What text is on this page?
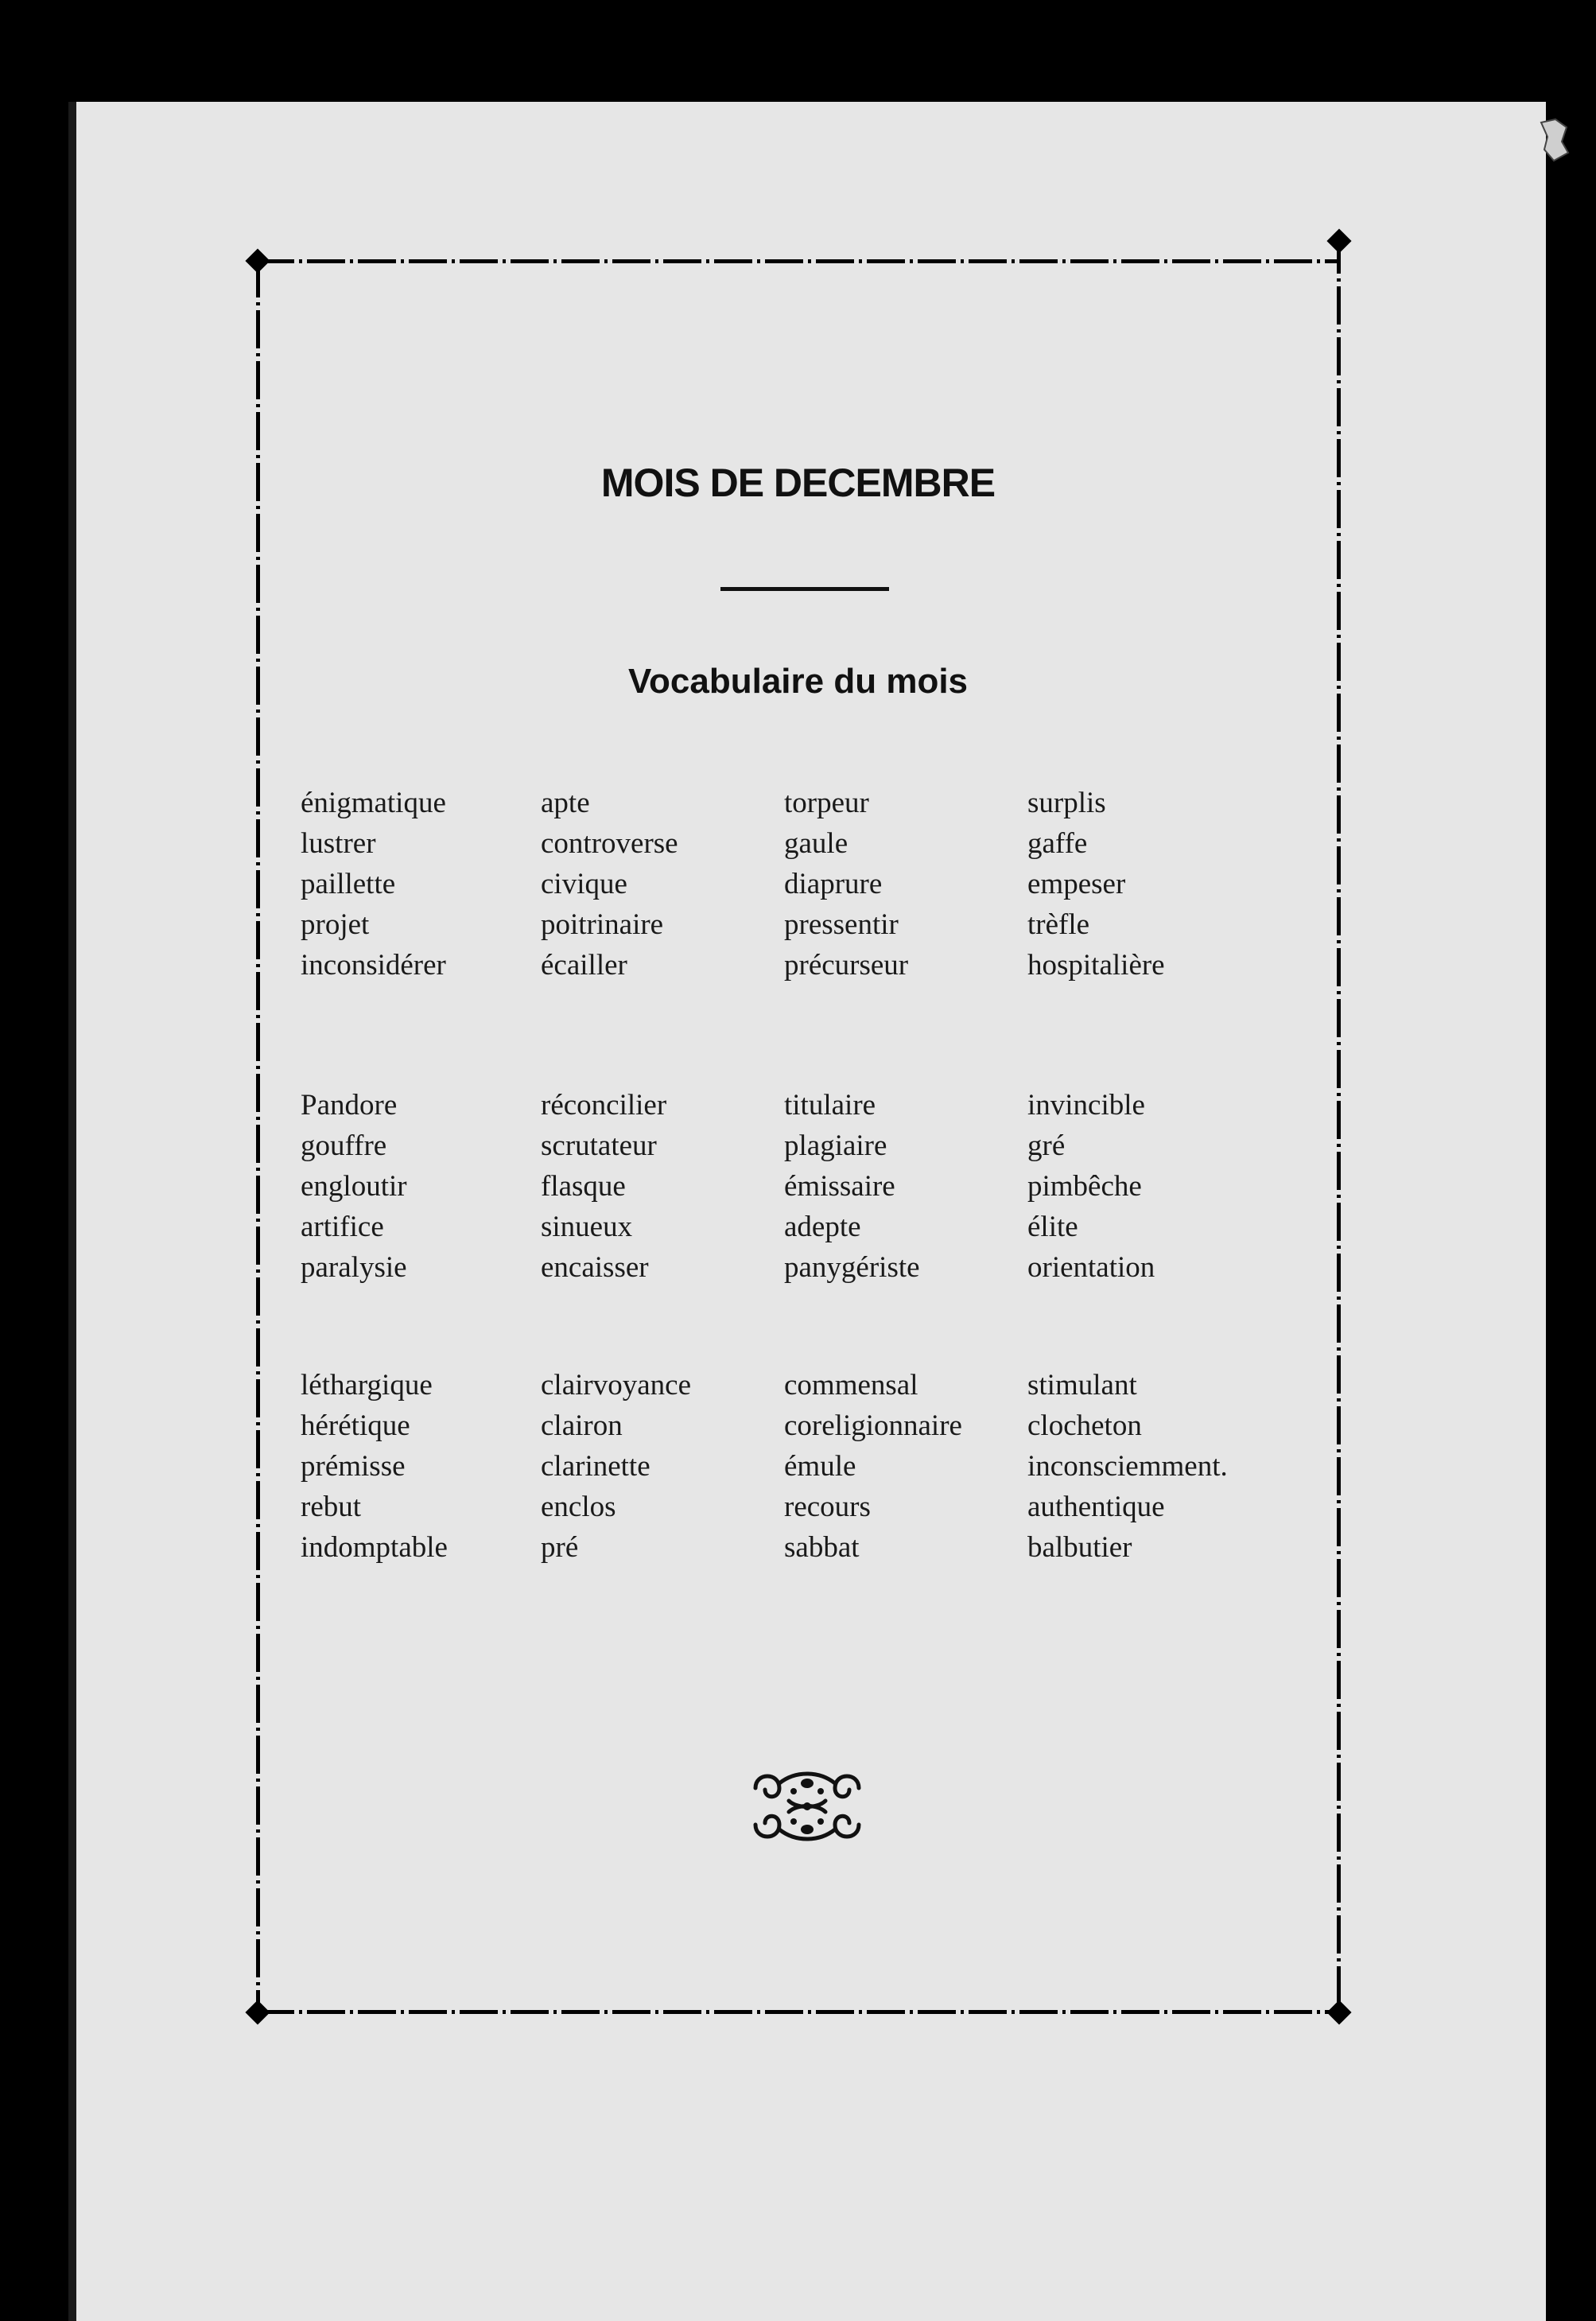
MOIS DE DECEMBRE
Vocabulaire du mois
énigmatique
lustrer
paillette
projet
inconsidérer
apte
controverse
civique
poitrinaire
écailler
torpeur
gaule
diaprure
pressentir
précurseur
surplis
gaffe
empeser
trèfle
hospitalière
Pandore
gouffre
engloutir
artifice
paralysie
réconcilier
scrutateur
flasque
sinueux
encaisser
titulaire
plagiaire
émissaire
adepte
panygériste
invincible
gré
pimbêche
élite
orientation
léthargique
hérétique
prémisse
rebut
indomptable
clairvoyance
clairon
clarinette
enclos
pré
commensal
coreligionnaire
émule
recours
sabbat
stimulant
clocheton
inconsciemment.
authentique
balbutier
